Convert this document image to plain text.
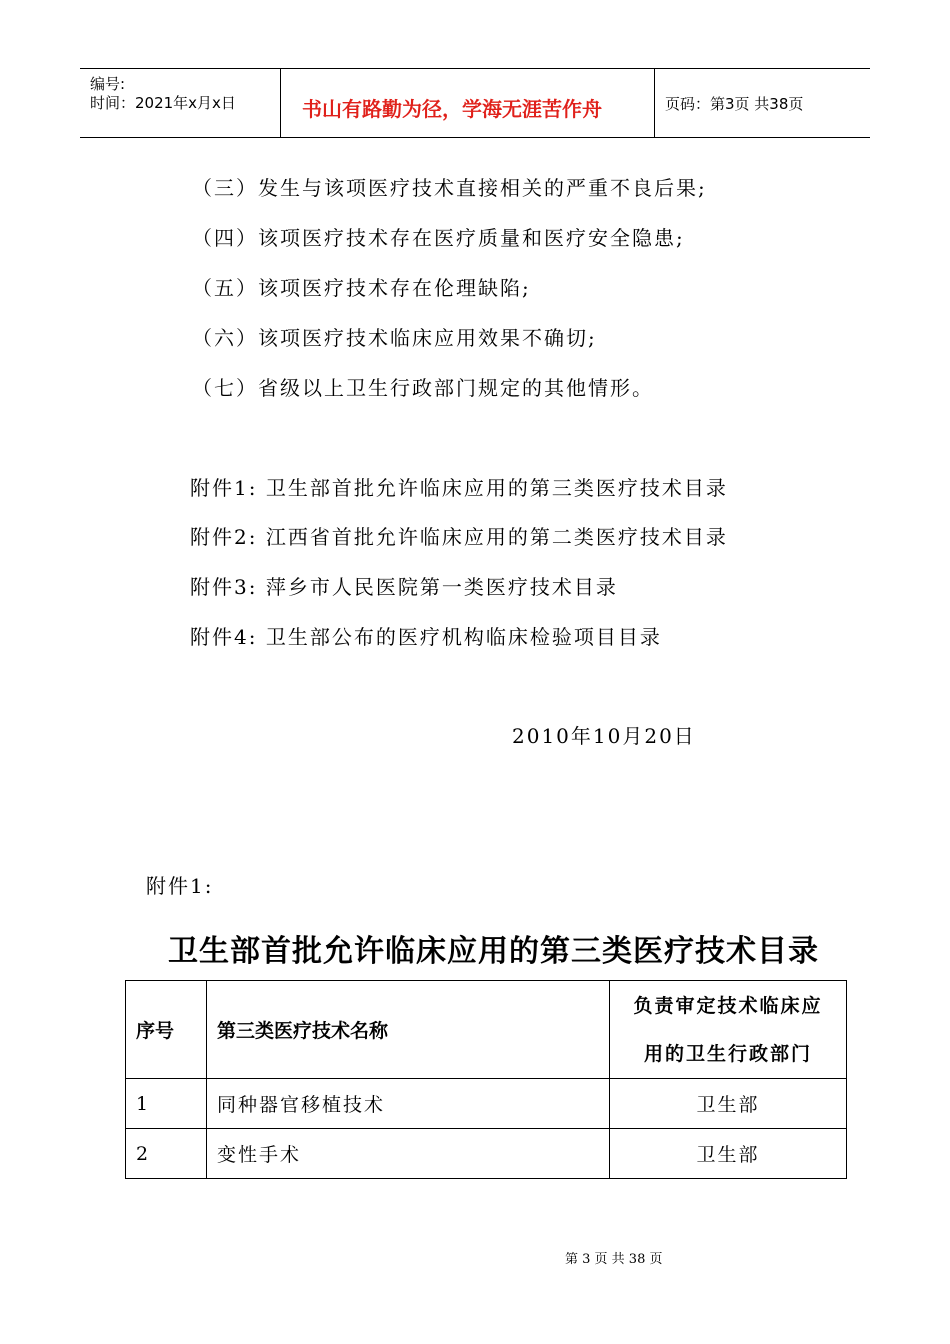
编号:
时间：2021年x月x日	书山有路勤为径，学海无涯苦作舟	页码：第3页 共38页
（三）发生与该项医疗技术直接相关的严重不良后果;
（四）该项医疗技术存在医疗质量和医疗安全隐患;
（五）该项医疗技术存在伦理缺陷;
（六）该项医疗技术临床应用效果不确切;
（七）省级以上卫生行政部门规定的其他情形。
附件1: 卫生部首批允许临床应用的第三类医疗技术目录
附件2: 江西省首批允许临床应用的第二类医疗技术目录
附件3: 萍乡市人民医院第一类医疗技术目录
附件4: 卫生部公布的医疗机构临床检验项目目录
2010年10月20日
附件1:
卫生部首批允许临床应用的第三类医疗技术目录
序号	第三类医疗技术名称	负责审定技术临床应
用的卫生行政部门

1	同种器官移植技术	卫生部
2	变性手术	卫生部
第 3 页 共 38 页
